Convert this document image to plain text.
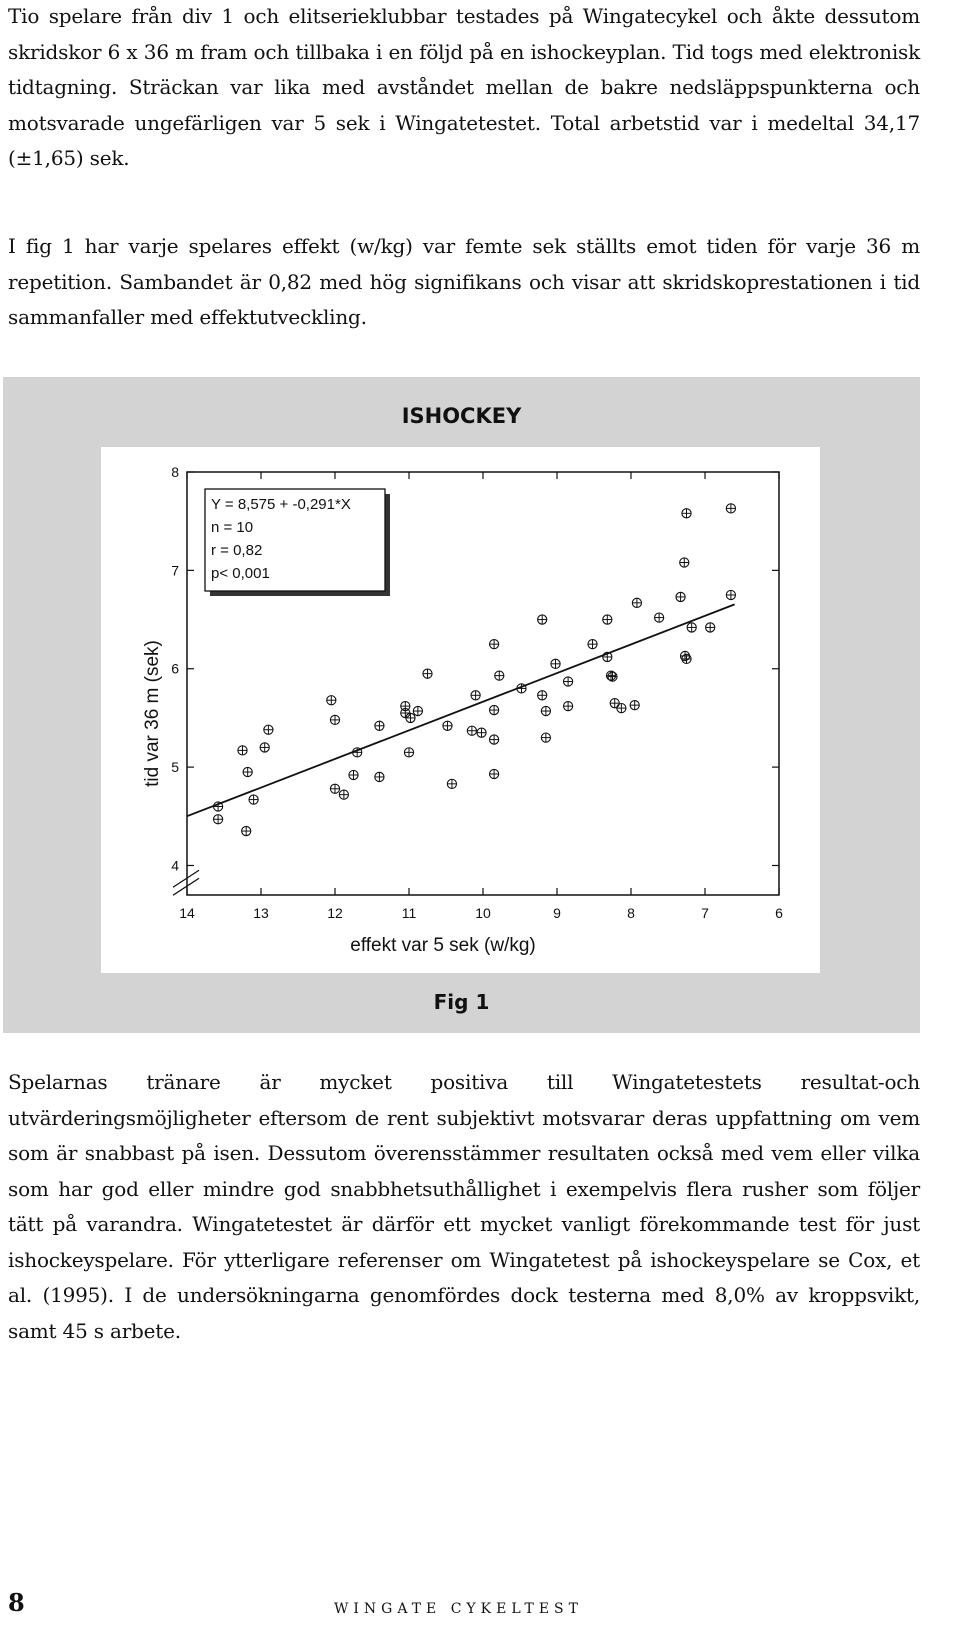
Tio spelare från div 1 och elitserieklubbar testades på Wingatecykel och åkte dessutom skridskor 6 x 36 m fram och tillbaka i en följd på en ishockeyplan. Tid togs med elektronisk tidtagning. Sträckan var lika med avståndet mellan de bakre nedsläppspunkterna och motsvarade ungefärligen var 5 sek i Wingatetestet. Total arbetstid var i medeltal 34,17 (±1,65) sek.

I fig 1 har varje spelares effekt (w/kg) var femte sek ställts emot tiden för varje 36 m repetition. Sambandet är 0,82 med hög signifikans och visar att skridskoprestationen i tid sammanfaller med effektutveckling.

ISHOCKEY
14	13	12	11	10	9	8	7	6
4
5
6
7
8
effekt var 5 sek (w/kg)
tid var 36 m (sek)
Y = 8,575 + -0,291*X
n = 10
r = 0,82
p< 0,001
Fig 1

Spelarnas tränare är mycket positiva till Wingatetestets resultat-och utvärderingsmöjligheter eftersom de rent subjektivt motsvarar deras uppfattning om vem som är snabbast på isen. Dessutom överensstämmer resultaten också med vem eller vilka som har god eller mindre god snabbhetsuthållighet i exempelvis flera rusher som följer tätt på varandra. Wingatetestet är därför ett mycket vanligt förekommande test för just ishockeyspelare. För ytterligare referenser om Wingatetest på ishockeyspelare se Cox, et al. (1995). I de undersökningarna genomfördes dock testerna med 8,0% av kroppsvikt, samt 45 s arbete.

8	WINGATE CYKELTEST
